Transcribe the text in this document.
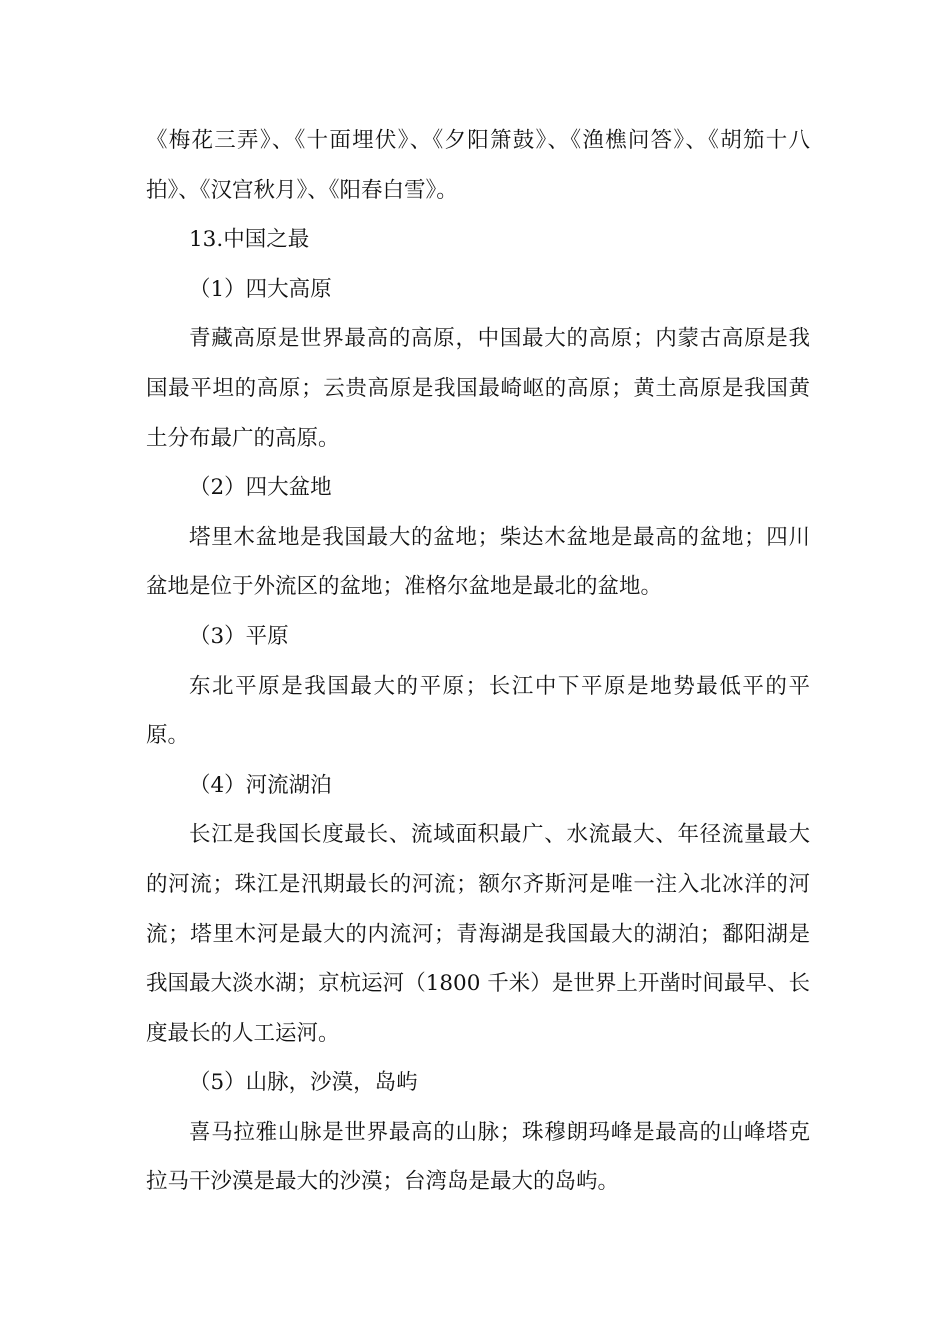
《梅花三弄》、《十面埋伏》、《夕阳箫鼓》、《渔樵问答》、《胡笳十八拍》、《汉宫秋月》、《阳春白雪》。

13.中国之最

（1）四大高原

青藏高原是世界最高的高原，中国最大的高原；内蒙古高原是我国最平坦的高原；云贵高原是我国最崎岖的高原；黄土高原是我国黄土分布最广的高原。

（2）四大盆地

塔里木盆地是我国最大的盆地；柴达木盆地是最高的盆地；四川盆地是位于外流区的盆地；准格尔盆地是最北的盆地。

（3）平原

东北平原是我国最大的平原；长江中下平原是地势最低平的平原。

（4）河流湖泊

长江是我国长度最长、流域面积最广、水流最大、年径流量最大的河流；珠江是汛期最长的河流；额尔齐斯河是唯一注入北冰洋的河流；塔里木河是最大的内流河；青海湖是我国最大的湖泊；鄱阳湖是我国最大淡水湖；京杭运河（1800 千米）是世界上开凿时间最早、长度最长的人工运河。

（5）山脉，沙漠，岛屿

喜马拉雅山脉是世界最高的山脉；珠穆朗玛峰是最高的山峰塔克拉马干沙漠是最大的沙漠；台湾岛是最大的岛屿。
